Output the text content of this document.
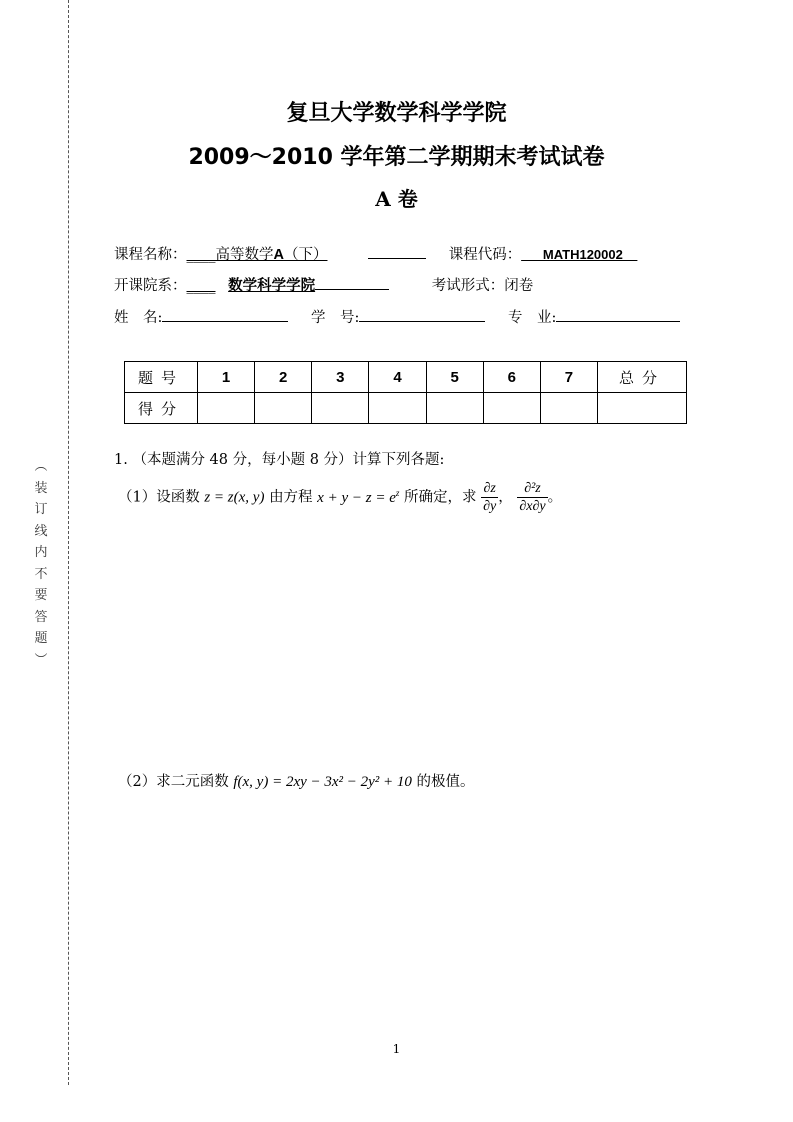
︵
装
订
线
内
不
要
答
题
︶
复旦大学数学科学学院
2009～2010 学年第二学期期末考试试卷
A 卷
课程名称：____高等数学A（下）	课程代码：___MATH120002__
开课院系：____ 数学科学学院	考试形式：闭卷
姓　名:	学　号:	专　业:
题号	1	2	3	4	5	6	7	总分
得分								
1. （本题满分 48 分，每小题 8 分）计算下列各题:
（1）设函数 z = z(x, y) 由方程 $x + y - z = e^z$ 所确定，求 $\frac{\partial z}{\partial y}$ ， $\frac{\text{∂²z}}{\partial x\partial y}$ 。
（2）求二元函数 f(x, y) = 2xy − 3x² − 2y² + 10 的极值。
1
